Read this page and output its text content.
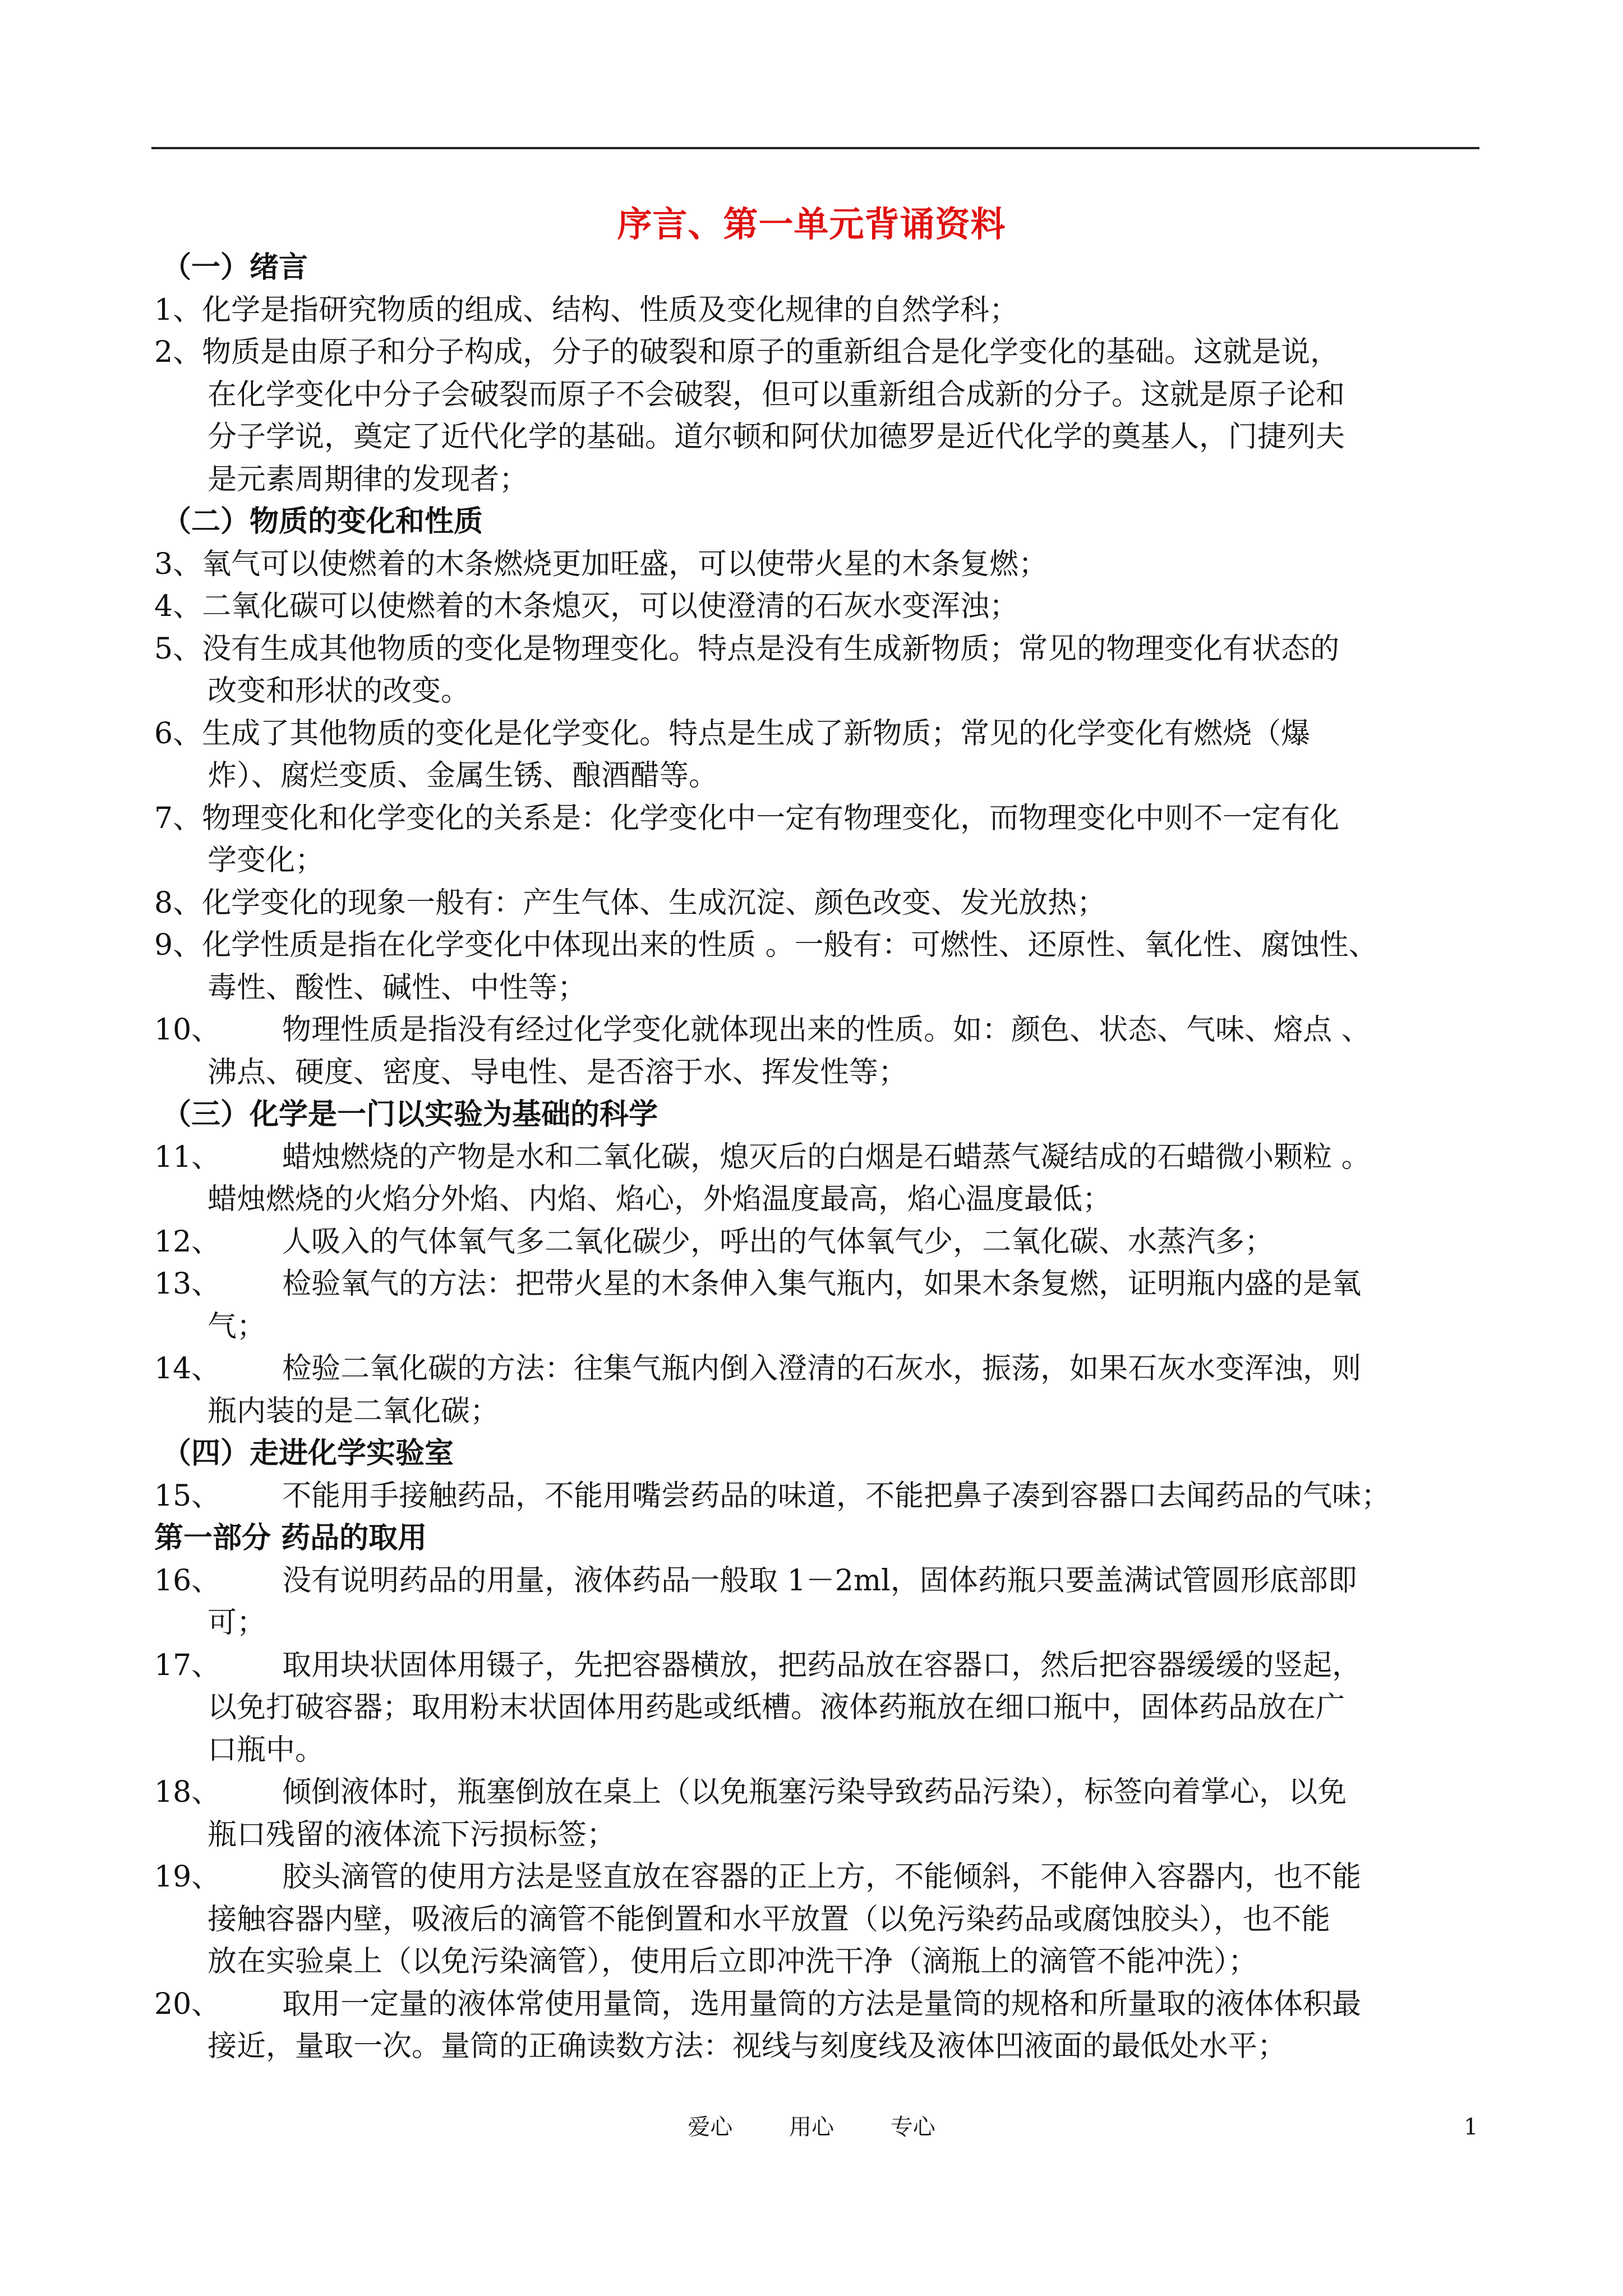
序言、第一单元背诵资料
（一）绪言
1、化学是指研究物质的组成、结构、性质及变化规律的自然学科；
2、物质是由原子和分子构成，分子的破裂和原子的重新组合是化学变化的基础。这就是说，
在化学变化中分子会破裂而原子不会破裂，但可以重新组合成新的分子。这就是原子论和
分子学说，奠定了近代化学的基础。道尔顿和阿伏加德罗是近代化学的奠基人，门捷列夫
是元素周期律的发现者；
（二）物质的变化和性质
3、氧气可以使燃着的木条燃烧更加旺盛，可以使带火星的木条复燃；
4、二氧化碳可以使燃着的木条熄灭，可以使澄清的石灰水变浑浊；
5、没有生成其他物质的变化是物理变化。特点是没有生成新物质；常见的物理变化有状态的
改变和形状的改变。
6、生成了其他物质的变化是化学变化。特点是生成了新物质；常见的化学变化有燃烧（爆
炸）、腐烂变质、金属生锈、酿酒醋等。
7、物理变化和化学变化的关系是：化学变化中一定有物理变化，而物理变化中则不一定有化
学变化；
8、化学变化的现象一般有：产生气体、生成沉淀、颜色改变、发光放热；
9、化学性质是指在化学变化中体现出来的性质 。一般有：可燃性、还原性、氧化性、腐蚀性、
毒性、酸性、碱性、中性等；
10、 物理性质是指没有经过化学变化就体现出来的性质。如：颜色、状态、气味、熔点 、
沸点、硬度、密度、导电性、是否溶于水、挥发性等；
（三）化学是一门以实验为基础的科学
11、 蜡烛燃烧的产物是水和二氧化碳，熄灭后的白烟是石蜡蒸气凝结成的石蜡微小颗粒 。
蜡烛燃烧的火焰分外焰、内焰、焰心，外焰温度最高，焰心温度最低；
12、 人吸入的气体氧气多二氧化碳少，呼出的气体氧气少，二氧化碳、水蒸汽多；
13、 检验氧气的方法：把带火星的木条伸入集气瓶内，如果木条复燃，证明瓶内盛的是氧
气；
14、 检验二氧化碳的方法：往集气瓶内倒入澄清的石灰水，振荡，如果石灰水变浑浊，则
瓶内装的是二氧化碳；
（四）走进化学实验室
15、 不能用手接触药品，不能用嘴尝药品的味道，不能把鼻子凑到容器口去闻药品的气味；
第一部分 药品的取用
16、 没有说明药品的用量，液体药品一般取 1－2ml，固体药瓶只要盖满试管圆形底部即
可；
17、 取用块状固体用镊子，先把容器横放，把药品放在容器口，然后把容器缓缓的竖起，
以免打破容器；取用粉末状固体用药匙或纸槽。液体药瓶放在细口瓶中，固体药品放在广
口瓶中。
18、 倾倒液体时，瓶塞倒放在桌上（以免瓶塞污染导致药品污染），标签向着掌心，以免
瓶口残留的液体流下污损标签；
19、 胶头滴管的使用方法是竖直放在容器的正上方，不能倾斜，不能伸入容器内，也不能
接触容器内壁，吸液后的滴管不能倒置和水平放置（以免污染药品或腐蚀胶头），也不能
放在实验桌上（以免污染滴管），使用后立即冲洗干净（滴瓶上的滴管不能冲洗）；
20、 取用一定量的液体常使用量筒，选用量筒的方法是量筒的规格和所量取的液体体积最
接近，量取一次。量筒的正确读数方法：视线与刻度线及液体凹液面的最低处水平；
爱心	用心	专心	1
